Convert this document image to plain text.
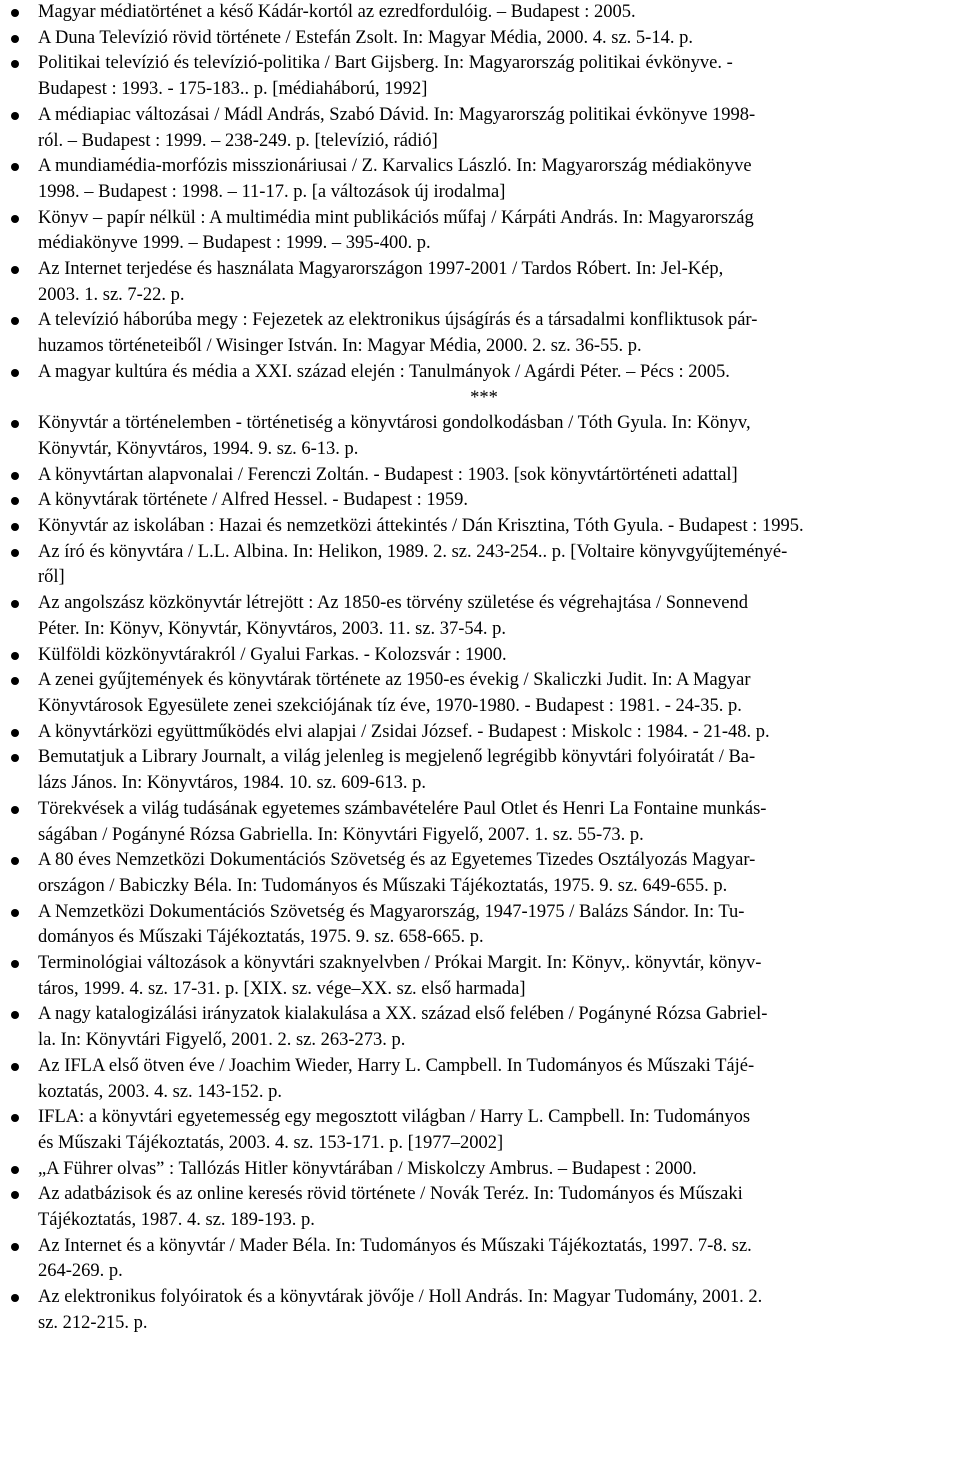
Magyar médiatörténet a késő Kádár-kortól az ezredfordulóig. – Budapest : 2005.
A Duna Televízió rövid története / Estefán Zsolt. In: Magyar Média, 2000. 4. sz. 5-14. p.
Politikai televízió és televízió-politika / Bart Gijsberg. In: Magyarország politikai évkönyve. -
Budapest : 1993. - 175-183.. p. [médiaháború, 1992]
A médiapiac változásai / Mádl András, Szabó Dávid. In: Magyarország politikai évkönyve 1998-
ról. – Budapest : 1999. – 238-249. p. [televízió, rádió]
A mundiamédia-morfózis misszionáriusai / Z. Karvalics László. In: Magyarország médiakönyve
1998. – Budapest : 1998. – 11-17. p. [a változások új irodalma]
Könyv – papír nélkül : A multimédia mint publikációs műfaj / Kárpáti András. In: Magyarország
médiakönyve 1999. – Budapest : 1999. – 395-400. p.
Az Internet terjedése és használata Magyarországon 1997-2001 / Tardos Róbert. In: Jel-Kép,
2003. 1. sz. 7-22. p.
A televízió háborúba megy : Fejezetek az elektronikus újságírás és a társadalmi konfliktusok pár-
huzamos történeteiből / Wisinger István. In: Magyar Média, 2000. 2. sz. 36-55. p.
A magyar kultúra és média a XXI. század elején : Tanulmányok / Agárdi Péter. – Pécs : 2005.
***
Könyvtár a történelemben - történetiség a könyvtárosi gondolkodásban / Tóth Gyula. In: Könyv,
Könyvtár, Könyvtáros, 1994. 9. sz. 6-13. p.
A könyvtártan alapvonalai / Ferenczi Zoltán. - Budapest : 1903. [sok könyvtártörténeti adattal]
A könyvtárak története / Alfred Hessel. - Budapest : 1959.
Könyvtár az iskolában : Hazai és nemzetközi áttekintés / Dán Krisztina, Tóth Gyula. - Budapest : 1995.
Az író és könyvtára / L.L. Albina. In: Helikon, 1989. 2. sz. 243-254.. p. [Voltaire könyvgyűjteményé-
ről]
Az angolszász közkönyvtár létrejött : Az 1850-es törvény születése és végrehajtása / Sonnevend
Péter. In: Könyv, Könyvtár, Könyvtáros, 2003. 11. sz. 37-54. p.
Külföldi közkönyvtárakról / Gyalui Farkas. - Kolozsvár : 1900.
A zenei gyűjtemények és könyvtárak története az 1950-es évekig / Skaliczki Judit. In: A Magyar
Könyvtárosok Egyesülete zenei szekciójának tíz éve, 1970-1980. - Budapest : 1981. - 24-35. p.
A könyvtárközi együttműködés elvi alapjai / Zsidai József. - Budapest : Miskolc : 1984. - 21-48. p.
Bemutatjuk a Library Journalt, a világ jelenleg is megjelenő legrégibb könyvtári folyóiratát / Ba-
lázs János. In: Könyvtáros, 1984. 10. sz. 609-613. p.
Törekvések a világ tudásának egyetemes számbavételére Paul Otlet és Henri La Fontaine munkás-
ságában / Pogányné Rózsa Gabriella. In: Könyvtári Figyelő, 2007. 1. sz. 55-73. p.
A 80 éves Nemzetközi Dokumentációs Szövetség és az Egyetemes Tizedes Osztályozás Magyar-
országon / Babiczky Béla. In: Tudományos és Műszaki Tájékoztatás, 1975. 9. sz. 649-655. p.
A Nemzetközi Dokumentációs Szövetség és Magyarország, 1947-1975 / Balázs Sándor. In: Tu-
dományos és Műszaki Tájékoztatás, 1975. 9. sz. 658-665. p.
Terminológiai változások a könyvtári szaknyelvben / Prókai Margit. In: Könyv,. könyvtár, könyv-
táros, 1999. 4. sz. 17-31. p. [XIX. sz. vége–XX. sz. első harmada]
A nagy katalogizálási irányzatok kialakulása a XX. század első felében / Pogányné Rózsa Gabriel-
la. In: Könyvtári Figyelő, 2001. 2. sz. 263-273. p.
Az IFLA első ötven éve / Joachim Wieder, Harry L. Campbell. In Tudományos és Műszaki Tájé-
koztatás, 2003. 4. sz. 143-152. p.
IFLA: a könyvtári egyetemesség egy megosztott világban / Harry L. Campbell. In: Tudományos
és Műszaki Tájékoztatás, 2003. 4. sz. 153-171. p. [1977–2002]
„A Führer olvas” : Tallózás Hitler könyvtárában / Miskolczy Ambrus. – Budapest : 2000.
Az adatbázisok és az online keresés rövid története / Novák Teréz. In: Tudományos és Műszaki
Tájékoztatás, 1987. 4. sz. 189-193. p.
Az Internet és a könyvtár / Mader Béla. In: Tudományos és Műszaki Tájékoztatás, 1997. 7-8. sz.
264-269. p.
Az elektronikus folyóiratok és a könyvtárak jövője / Holl András. In: Magyar Tudomány, 2001. 2.
sz. 212-215. p.
